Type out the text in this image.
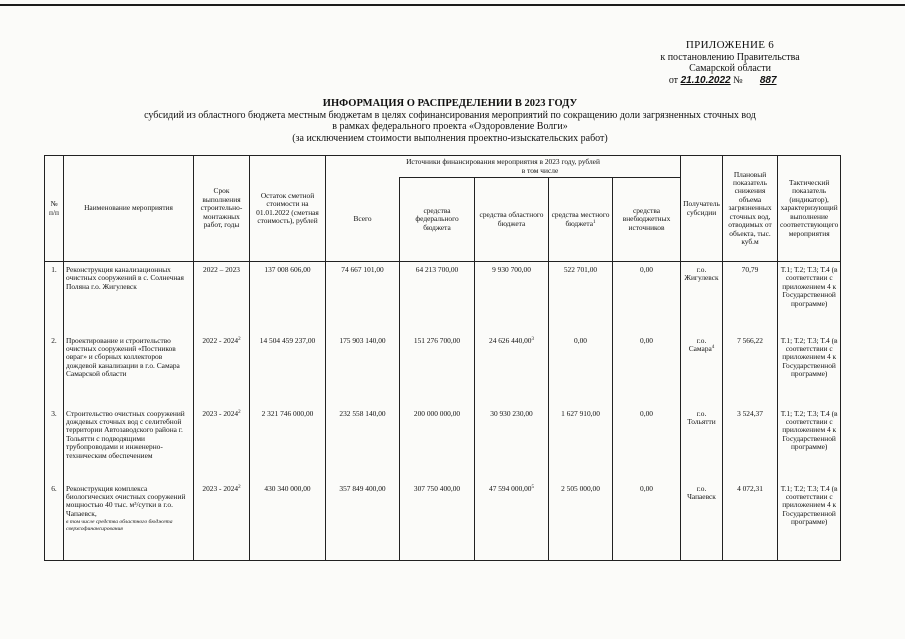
ПРИЛОЖЕНИЕ 6
к постановлению Правительства
Самарской области
от 21.10.2022 № 887
ИНФОРМАЦИЯ О РАСПРЕДЕЛЕНИИ В 2023 ГОДУ
субсидий из областного бюджета местным бюджетам в целях софинансирования мероприятий по сокращению доли загрязненных сточных вод
в рамках федерального проекта «Оздоровление Волги»
(за исключением стоимости выполнения проектно-изыскательских работ)
№ п/п	Наименование мероприятия	Срок выполнения строительно-монтажных работ, годы	Остаток сметной стоимости на 01.01.2022 (сметная стоимость), рублей	Источники финансирования мероприятия в 2023 году, рублей
в том числе					Получатель субсидии	Плановый показатель снижения объема загрязненных сточных вод, отводимых от объекта, тыс. куб.м	Тактический показатель (индикатор), характеризующий выполнение соответствующего мероприятия
				Всего	средства федерального бюджета	средства областного бюджета	средства местного бюджета$^1$	средства внебюджетных источников			
1.	Реконструкция канализационных очистных сооружений в с. Солнечная Поляна г.о. Жигулевск	2022 – 2023	137 008 606,00	74 667 101,00	64 213 700,00	9 930 700,00	522 701,00	0,00	г.о. Жигулевск	70,79	Т.1; Т.2; Т.3; Т.4 (в соответствии с приложением 4 к Государственной программе)
2.	Проектирование и строительство очистных сооружений «Постников овраг» и сборных коллекторов дождевой канализации в г.о. Самара Самарской области	2022 - 2024$^2$	14 504 459 237,00	175 903 140,00	151 276 700,00	24 626 440,00$^3$	0,00	0,00	г.о. Самара$^4$	7 566,22	Т.1; Т.2; Т.3; Т.4 (в соответствии с приложением 4 к Государственной программе)
3.	Строительство очистных сооружений дождевых сточных вод с селитебной территории Автозаводского района г. Тольятти с подводящими трубопроводами и инженерно-техническим обеспечением	2023 - 2024$^2$	2 321 746 000,00	232 558 140,00	200 000 000,00	30 930 230,00	1 627 910,00	0,00	г.о. Тольятти	3 524,37	Т.1; Т.2; Т.3; Т.4 (в соответствии с приложением 4 к Государственной программе)
6.	Реконструкция комплекса биологических очистных сооружений мощностью 40 тыс. м³/сутки в г.о. Чапаевск,
в том числе средства областного бюджета сверхсофинансирования	2023 - 2024$^2$	430 340 000,00	357 849 400,00	307 750 400,00	47 594 000,00$^5$	2 505 000,00	0,00	г.о. Чапаевск	4 072,31	Т.1; Т.2; Т.3; Т.4 (в соответствии с приложением 4 к Государственной программе)
